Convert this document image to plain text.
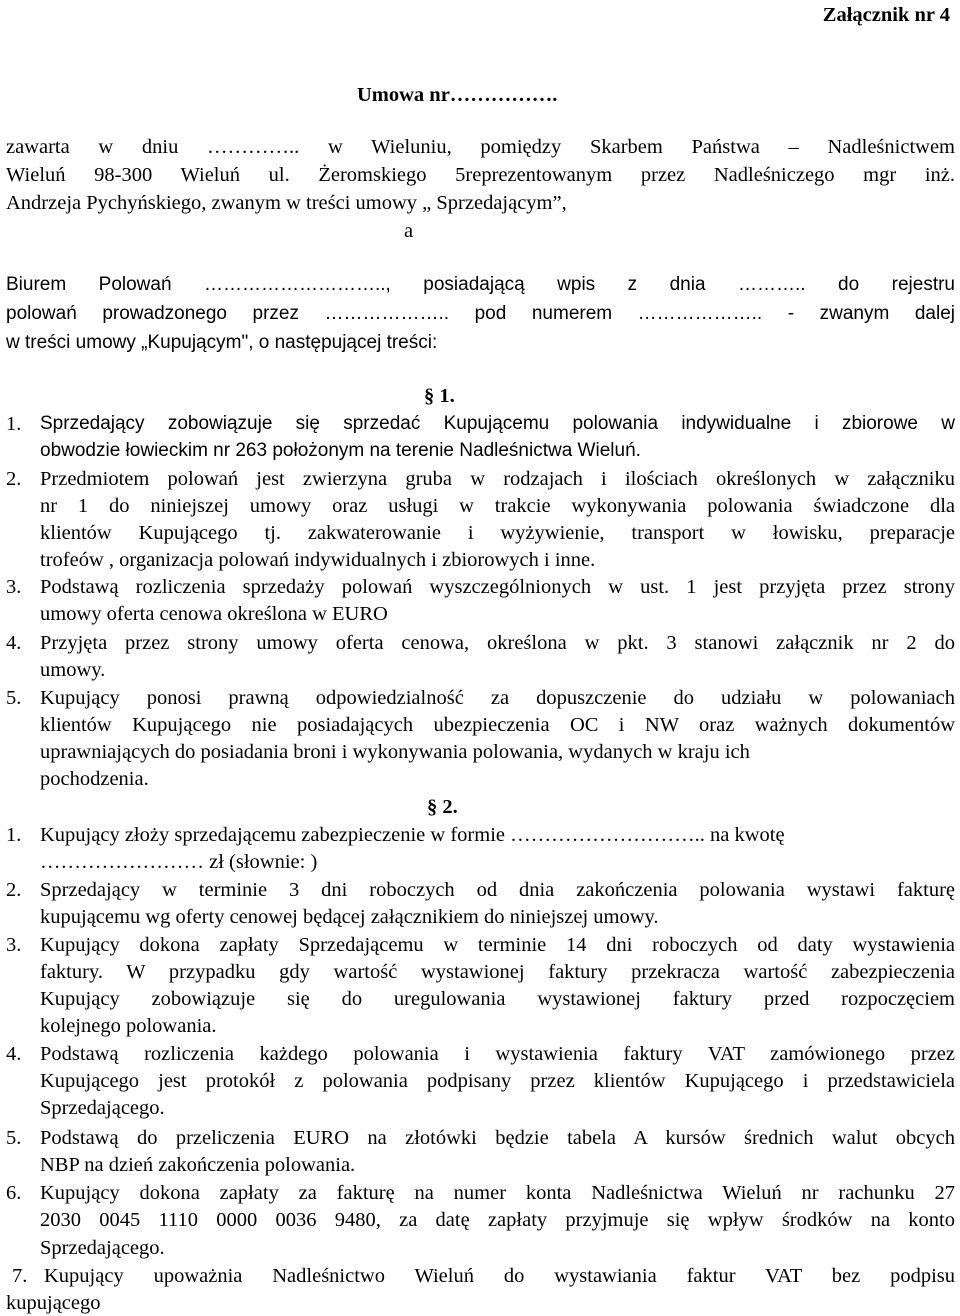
Załącznik nr 4
Umowa nr…………….
zawarta w dniu ………….. w Wieluniu, pomiędzy Skarbem Państwa – Nadleśnictwem
Wieluń 98-300 Wieluń ul. Żeromskiego 5reprezentowanym przez Nadleśniczego mgr inż.
Andrzeja Pychyńskiego, zwanym w treści umowy „ Sprzedającym”,
a
Biurem Polowań ……………………….., posiadającą wpis z dnia ……….. do rejestru
polowań prowadzonego przez ……………….. pod numerem ……………….. - zwanym dalej
w treści umowy „Kupującym", o następującej treści:
§ 1.
1. Sprzedający zobowiązuje się sprzedać Kupującemu polowania indywidualne i zbiorowe w
obwodzie łowieckim nr 263 położonym na terenie Nadleśnictwa Wieluń.
2. Przedmiotem polowań jest zwierzyna gruba w rodzajach i ilościach określonych w załączniku
nr 1 do niniejszej umowy oraz usługi w trakcie wykonywania polowania świadczone dla
klientów Kupującego tj. zakwaterowanie i wyżywienie, transport w łowisku, preparacje
trofeów , organizacja polowań indywidualnych i zbiorowych i inne.
3. Podstawą rozliczenia sprzedaży polowań wyszczególnionych w ust. 1 jest przyjęta przez strony
umowy oferta cenowa określona w EURO
4. Przyjęta przez strony umowy oferta cenowa, określona w pkt. 3 stanowi załącznik nr 2 do
umowy.
5. Kupujący ponosi prawną odpowiedzialność za dopuszczenie do udziału w polowaniach
klientów Kupującego nie posiadających ubezpieczenia OC i NW oraz ważnych dokumentów
uprawniających do posiadania broni i wykonywania polowania, wydanych w kraju ich
pochodzenia.
§ 2.
1. Kupujący złoży sprzedającemu zabezpieczenie w formie ……………………….. na kwotę
…………………… zł (słownie: )
2. Sprzedający w terminie 3 dni roboczych od dnia zakończenia polowania wystawi fakturę
kupującemu wg oferty cenowej będącej załącznikiem do niniejszej umowy.
3. Kupujący dokona zapłaty Sprzedającemu w terminie 14 dni roboczych od daty wystawienia
faktury. W przypadku gdy wartość wystawionej faktury przekracza wartość zabezpieczenia
Kupujący zobowiązuje się do uregulowania wystawionej faktury przed rozpoczęciem
kolejnego polowania.
4. Podstawą rozliczenia każdego polowania i wystawienia faktury VAT zamówionego przez
Kupującego jest protokół z polowania podpisany przez klientów Kupującego i przedstawiciela
Sprzedającego.
5. Podstawą do przeliczenia EURO na złotówki będzie tabela A kursów średnich walut obcych
NBP na dzień zakończenia polowania.
6. Kupujący dokona zapłaty za fakturę na numer konta Nadleśnictwa Wieluń nr rachunku 27
2030 0045 1110 0000 0036 9480, za datę zapłaty przyjmuje się wpływ środków na konto
Sprzedającego.
7. Kupujący upoważnia Nadleśnictwo Wieluń do wystawiania faktur VAT bez podpisu
kupującego
